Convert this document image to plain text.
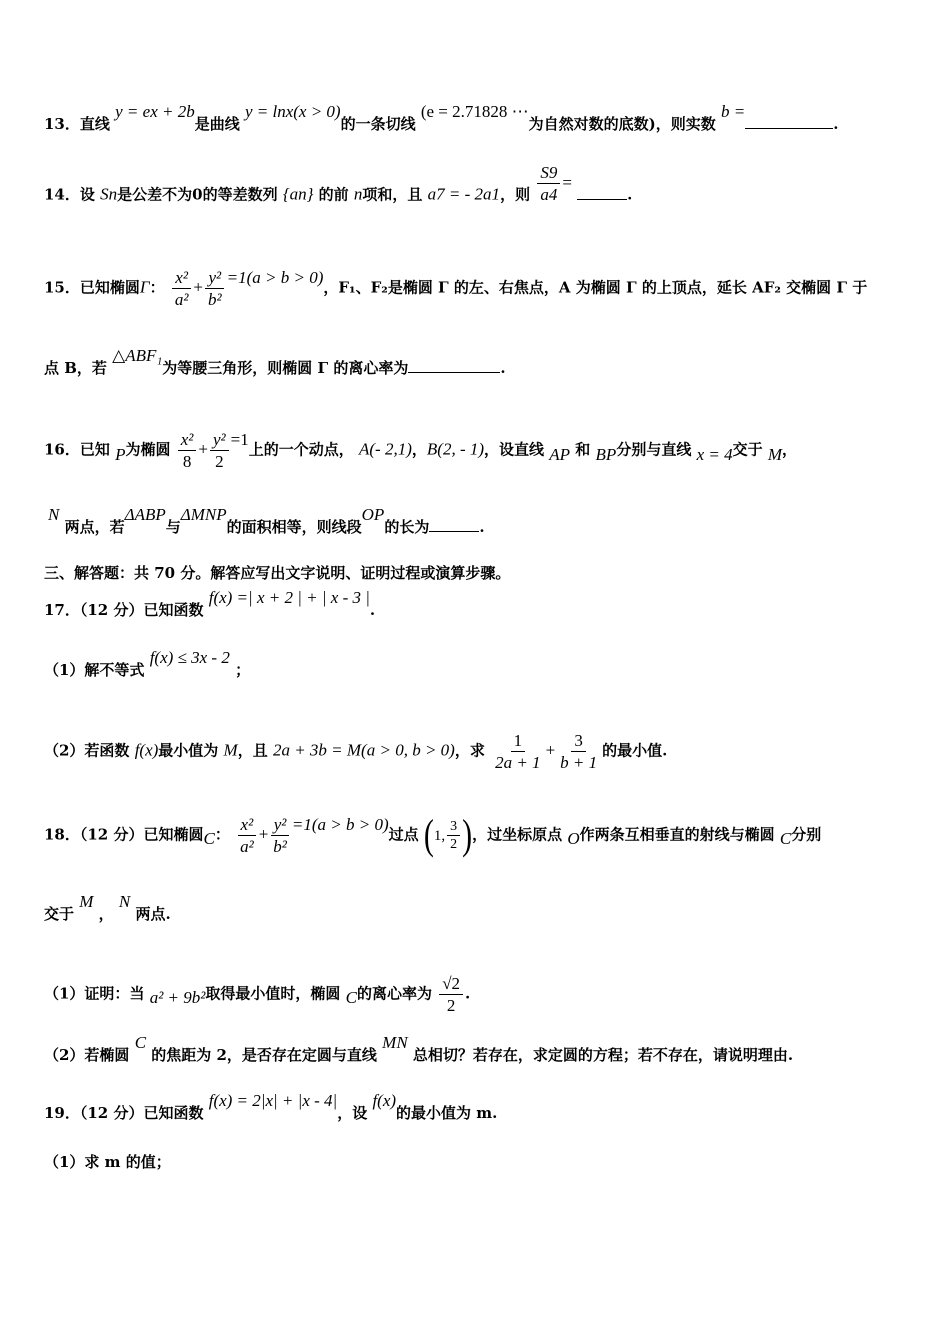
13．直线 y = ex + 2b是曲线 y = lnx(x > 0)的一条切线 (e = 2.71828 ⋯为自然对数的底数)，则实数 b =.
14．设 Sn是公差不为0的等差数列 {an} 的前 n项和，且 a7 = - 2a1，则 $\frac{S9}{a4}$ = .
15．已知椭圆Γ： $\frac{\text{x²}}{\text{a²}} + \frac{\text{y²}}{\text{b²}} =1(a > b > 0)$，F₁、F₂是椭圆 Γ 的左、右焦点，A 为椭圆 Γ 的上顶点，延长 AF₂ 交椭圆 Γ 于
点 B，若 △ABF₁为等腰三角形，则椭圆 Γ 的离心率为	.
16．已知 P为椭圆 $\frac{\text{x²}}{8} + \frac{\text{y²}}{2} =1$上的一个动点， A(- 2,1)，B(2, - 1)，设直线 AP 和 BP分别与直线 x = 4交于 M，
N 两点，若ΔABP与ΔMNP的面积相等，则线段OP的长为	.
三、解答题：共 70 分。解答应写出文字说明、证明过程或演算步骤。
17．（12 分）已知函数 f(x) =| x + 2 | + | x - 3 |.
（1）解不等式 f(x) ≤ 3x - 2 ；
（2）若函数 f(x)最小值为 M，且 2a + 3b = M(a > 0, b > 0)，求 $\frac{1}{2a + 1} + \frac{3}{b + 1}$ 的最小值.
18．（12 分）已知椭圆C： $\frac{\text{x²}}{\text{a²}} + \frac{\text{y²}}{\text{b²}} =1(a > b > 0)$过点 ( 1, $\frac{3}{2}$ ) ，过坐标原点 O作两条互相垂直的射线与椭圆 C分别
交于 M ， N 两点.
（1）证明：当 a² + 9b²取得最小值时，椭圆 C的离心率为 $\frac{√2}{2}$ .
（2）若椭圆 C 的焦距为 2，是否存在定圆与直线 MN 总相切？若存在，求定圆的方程；若不存在，请说明理由.
19．（12 分）已知函数 f(x) = 2|x| + |x - 4|，设 f(x)的最小值为 m.
（1）求 m 的值；
